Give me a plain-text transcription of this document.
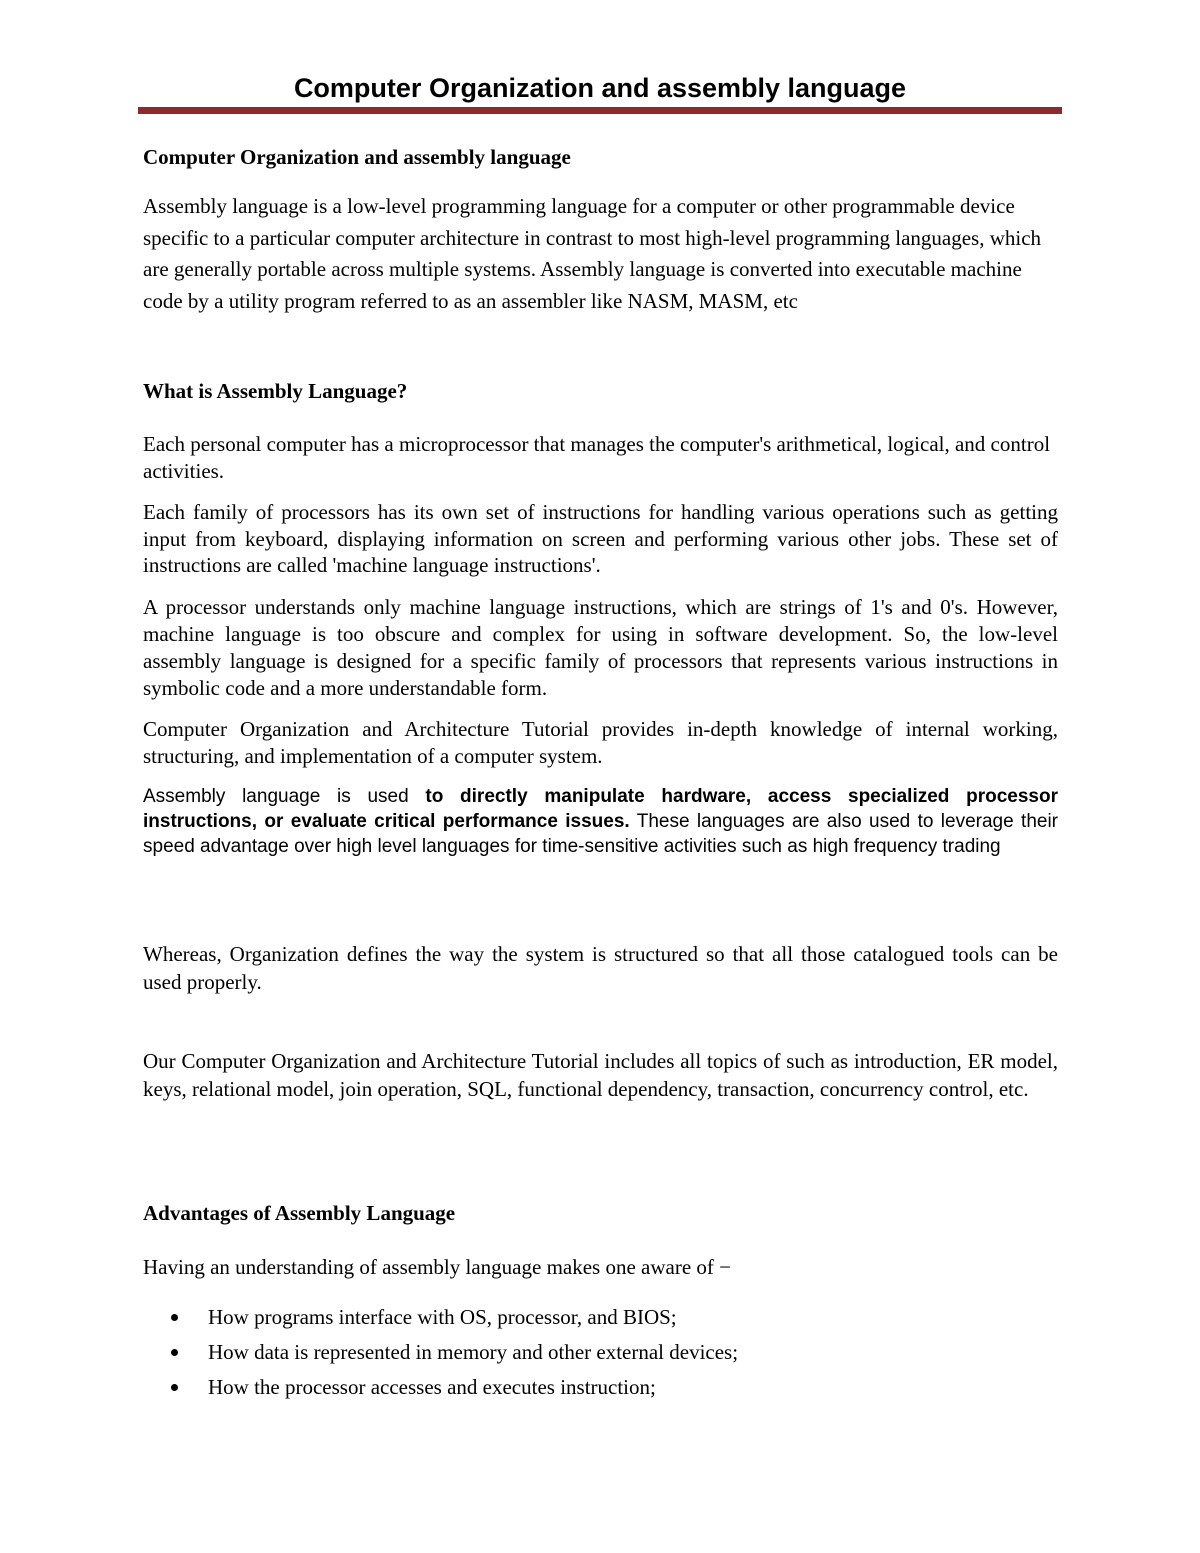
Computer Organization and assembly language
Computer Organization and assembly language

Assembly language is a low-level programming language for a computer or other programmable device specific to a particular computer architecture in contrast to most high-level programming languages, which are generally portable across multiple systems. Assembly language is converted into executable machine code by a utility program referred to as an assembler like NASM, MASM, etc

What is Assembly Language?

Each personal computer has a microprocessor that manages the computer's arithmetical, logical, and control activities.

Each family of processors has its own set of instructions for handling various operations such as getting input from keyboard, displaying information on screen and performing various other jobs. These set of instructions are called 'machine language instructions'.

A processor understands only machine language instructions, which are strings of 1's and 0's. However, machine language is too obscure and complex for using in software development. So, the low-level assembly language is designed for a specific family of processors that represents various instructions in symbolic code and a more understandable form.

Computer Organization and Architecture Tutorial provides in-depth knowledge of internal working, structuring, and implementation of a computer system.

Assembly language is used to directly manipulate hardware, access specialized processor instructions, or evaluate critical performance issues. These languages are also used to leverage their speed advantage over high level languages for time-sensitive activities such as high frequency trading

Whereas, Organization defines the way the system is structured so that all those catalogued tools can be used properly.

Our Computer Organization and Architecture Tutorial includes all topics of such as introduction, ER model, keys, relational model, join operation, SQL, functional dependency, transaction, concurrency control, etc.

Advantages of Assembly Language

Having an understanding of assembly language makes one aware of −

How programs interface with OS, processor, and BIOS;
How data is represented in memory and other external devices;
How the processor accesses and executes instruction;
